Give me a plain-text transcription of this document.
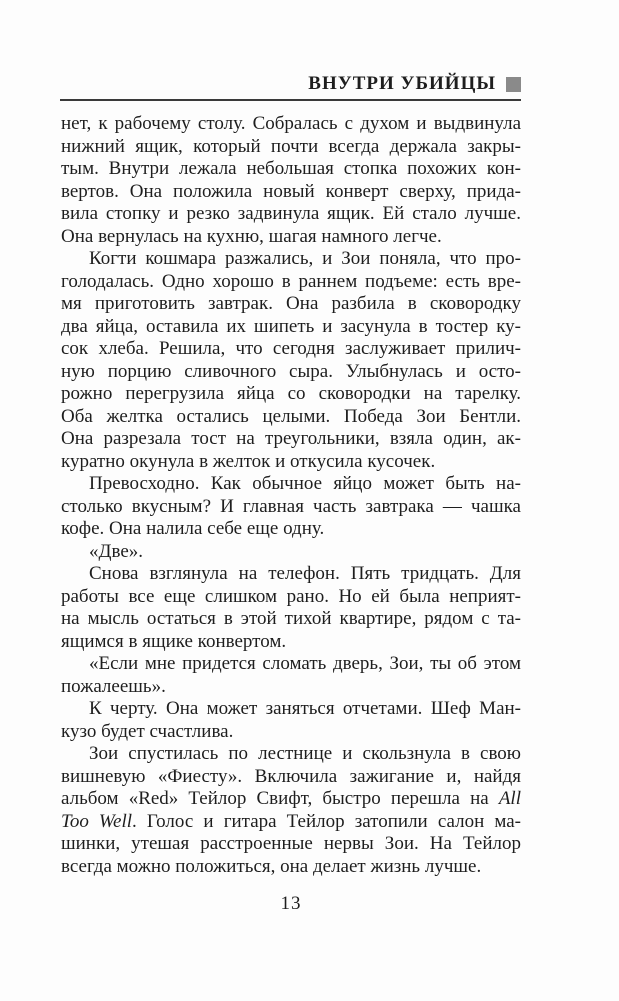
ВНУТРИ УБИЙЦЫ
нет, к рабочему столу. Собралась с духом и выдвинула
нижний ящик, который почти всегда держала закры-
тым. Внутри лежала небольшая стопка похожих кон-
вертов. Она положила новый конверт сверху, прида-
вила стопку и резко задвинула ящик. Ей стало лучше.
Она вернулась на кухню, шагая намного легче.
Когти кошмара разжались, и Зои поняла, что про-
голодалась. Одно хорошо в раннем подъеме: есть вре-
мя приготовить завтрак. Она разбила в сковородку
два яйца, оставила их шипеть и засунула в тостер ку-
сок хлеба. Решила, что сегодня заслуживает прилич-
ную порцию сливочного сыра. Улыбнулась и осто-
рожно перегрузила яйца со сковородки на тарелку.
Оба желтка остались целыми. Победа Зои Бентли.
Она разрезала тост на треугольники, взяла один, ак-
куратно окунула в желток и откусила кусочек.
Превосходно. Как обычное яйцо может быть на-
столько вкусным? И главная часть завтрака — чашка
кофе. Она налила себе еще одну.
«Две».
Снова взглянула на телефон. Пять тридцать. Для
работы все еще слишком рано. Но ей была неприят-
на мысль остаться в этой тихой квартире, рядом с та-
ящимся в ящике конвертом.
«Если мне придется сломать дверь, Зои, ты об этом
пожалеешь».
К черту. Она может заняться отчетами. Шеф Ман-
кузо будет счастлива.
Зои спустилась по лестнице и скользнула в свою
вишневую «Фиесту». Включила зажигание и, найдя
альбом «Red» Тейлор Свифт, быстро перешла на All
Too Well. Голос и гитара Тейлор затопили салон ма-
шинки, утешая расстроенные нервы Зои. На Тейлор
всегда можно положиться, она делает жизнь лучше.
13
